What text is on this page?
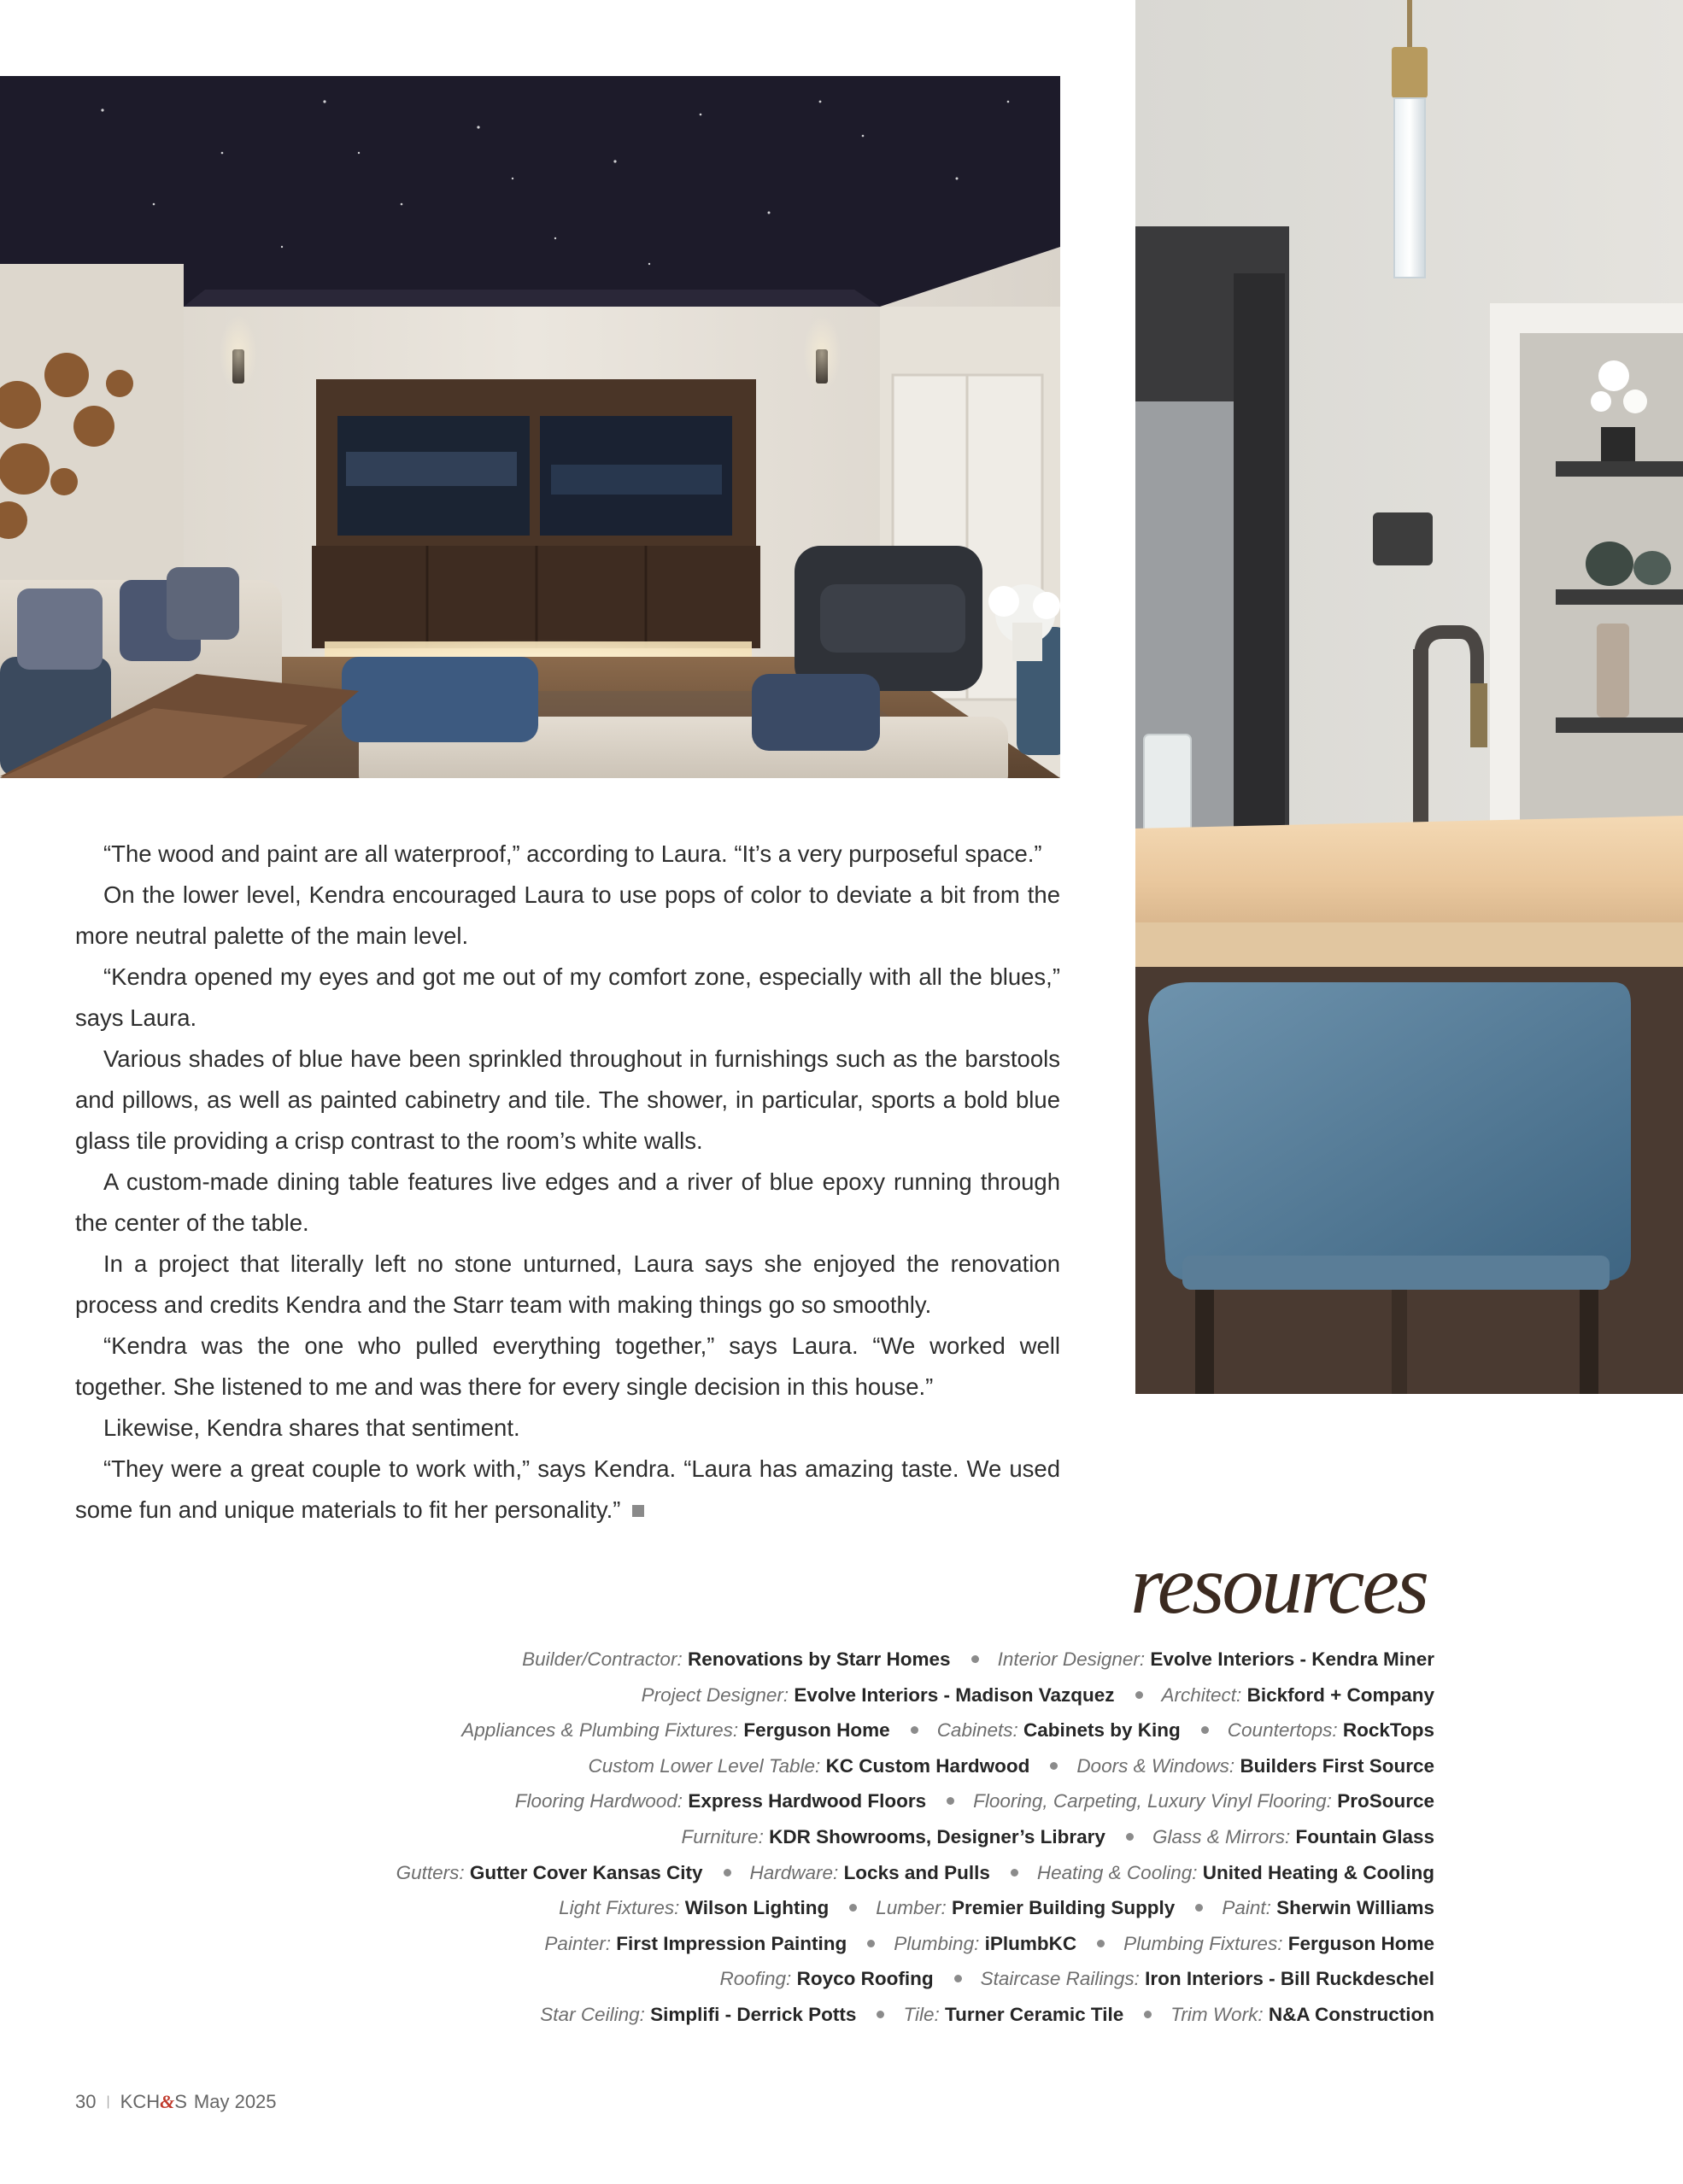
“The wood and paint are all waterproof,” according to Laura. “It’s a very purposeful space.”

On the lower level, Kendra encouraged Laura to use pops of color to deviate a bit from the more neutral palette of the main level.

“Kendra opened my eyes and got me out of my comfort zone, especially with all the blues,” says Laura.

Various shades of blue have been sprinkled throughout in furnishings such as the barstools and pillows, as well as painted cabinetry and tile. The shower, in particular, sports a bold blue glass tile providing a crisp contrast to the room’s white walls.

A custom-made dining table features live edges and a river of blue epoxy running through the center of the table.

In a project that literally left no stone unturned, Laura says she enjoyed the renovation process and credits Kendra and the Starr team with making things go so smoothly.

“Kendra was the one who pulled everything together,” says Laura. “We worked well together. She listened to me and was there for every single decision in this house.”

Likewise, Kendra shares that sentiment.

“They were a great couple to work with,” says Kendra. “Laura has amazing taste. We used some fun and unique materials to fit her personality.”

resources
Builder/Contractor: Renovations by Starr Homes Interior Designer: Evolve Interiors - Kendra Miner
Project Designer: Evolve Interiors - Madison Vazquez Architect: Bickford + Company
Appliances & Plumbing Fixtures: Ferguson Home Cabinets: Cabinets by King Countertops: RockTops
Custom Lower Level Table: KC Custom Hardwood Doors & Windows: Builders First Source
Flooring Hardwood: Express Hardwood Floors Flooring, Carpeting, Luxury Vinyl Flooring: ProSource
Furniture: KDR Showrooms, Designer’s Library Glass & Mirrors: Fountain Glass
Gutters: Gutter Cover Kansas City Hardware: Locks and Pulls Heating & Cooling: United Heating & Cooling
Light Fixtures: Wilson Lighting Lumber: Premier Building Supply Paint: Sherwin Williams
Painter: First Impression Painting Plumbing: iPlumbKC Plumbing Fixtures: Ferguson Home
Roofing: Royco Roofing Staircase Railings: Iron Interiors - Bill Ruckdeschel
Star Ceiling: Simplifi - Derrick Potts Tile: Turner Ceramic Tile Trim Work: N&A Construction
30 | KCH&S May 2025
